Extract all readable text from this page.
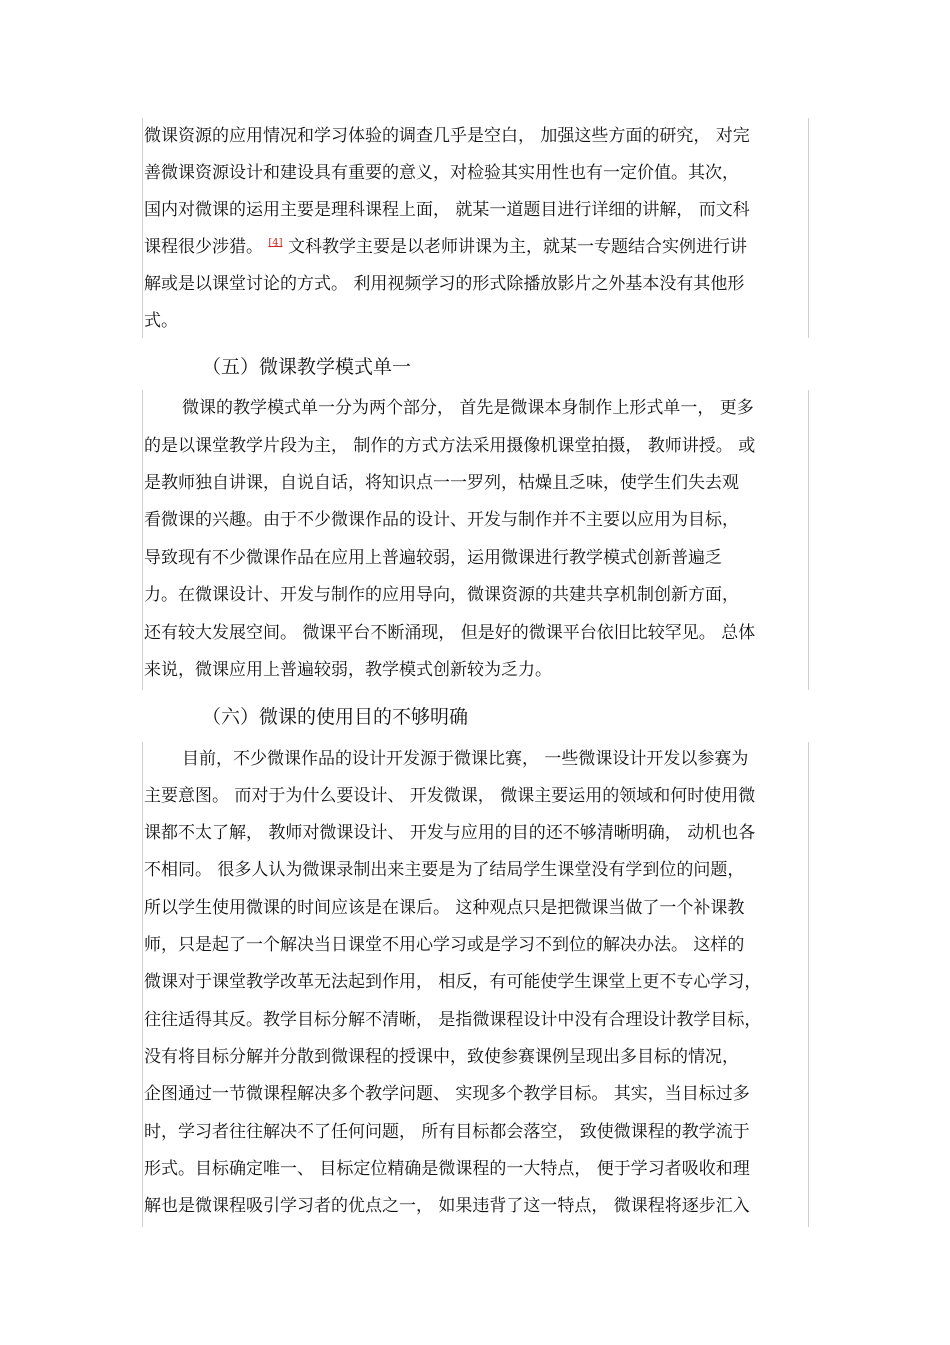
微课资源的应用情况和学习体验的调查几乎是空白， 加强这些方面的研究， 对完
善微课资源设计和建设具有重要的意义，对检验其实用性也有一定价值。其次，
国内对微课的运用主要是理科课程上面， 就某一道题目进行详细的讲解， 而文科
课程很少涉猎。 [4] 文科教学主要是以老师讲课为主，就某一专题结合实例进行讲
解或是以课堂讨论的方式。 利用视频学习的形式除播放影片之外基本没有其他形
式。
（五）微课教学模式单一
微课的教学模式单一分为两个部分， 首先是微课本身制作上形式单一， 更多
的是以课堂教学片段为主， 制作的方式方法采用摄像机课堂拍摄， 教师讲授。 或
是教师独自讲课，自说自话，将知识点一一罗列，枯燥且乏味，使学生们失去观
看微课的兴趣。由于不少微课作品的设计、开发与制作并不主要以应用为目标，
导致现有不少微课作品在应用上普遍较弱，运用微课进行教学模式创新普遍乏
力。在微课设计、开发与制作的应用导向，微课资源的共建共享机制创新方面，
还有较大发展空间。 微课平台不断涌现， 但是好的微课平台依旧比较罕见。 总体
来说，微课应用上普遍较弱，教学模式创新较为乏力。
（六）微课的使用目的不够明确
目前，不少微课作品的设计开发源于微课比赛， 一些微课设计开发以参赛为
主要意图。 而对于为什么要设计、 开发微课， 微课主要运用的领域和何时使用微
课都不太了解， 教师对微课设计、 开发与应用的目的还不够清晰明确， 动机也各
不相同。 很多人认为微课录制出来主要是为了结局学生课堂没有学到位的问题，
所以学生使用微课的时间应该是在课后。 这种观点只是把微课当做了一个补课教
师，只是起了一个解决当日课堂不用心学习或是学习不到位的解决办法。 这样的
微课对于课堂教学改革无法起到作用， 相反，有可能使学生课堂上更不专心学习，
往往适得其反。教学目标分解不清晰， 是指微课程设计中没有合理设计教学目标，
没有将目标分解并分散到微课程的授课中，致使参赛课例呈现出多目标的情况，
企图通过一节微课程解决多个教学问题、 实现多个教学目标。 其实，当目标过多
时，学习者往往解决不了任何问题， 所有目标都会落空， 致使微课程的教学流于
形式。目标确定唯一、 目标定位精确是微课程的一大特点， 便于学习者吸收和理
解也是微课程吸引学习者的优点之一， 如果违背了这一特点， 微课程将逐步汇入
